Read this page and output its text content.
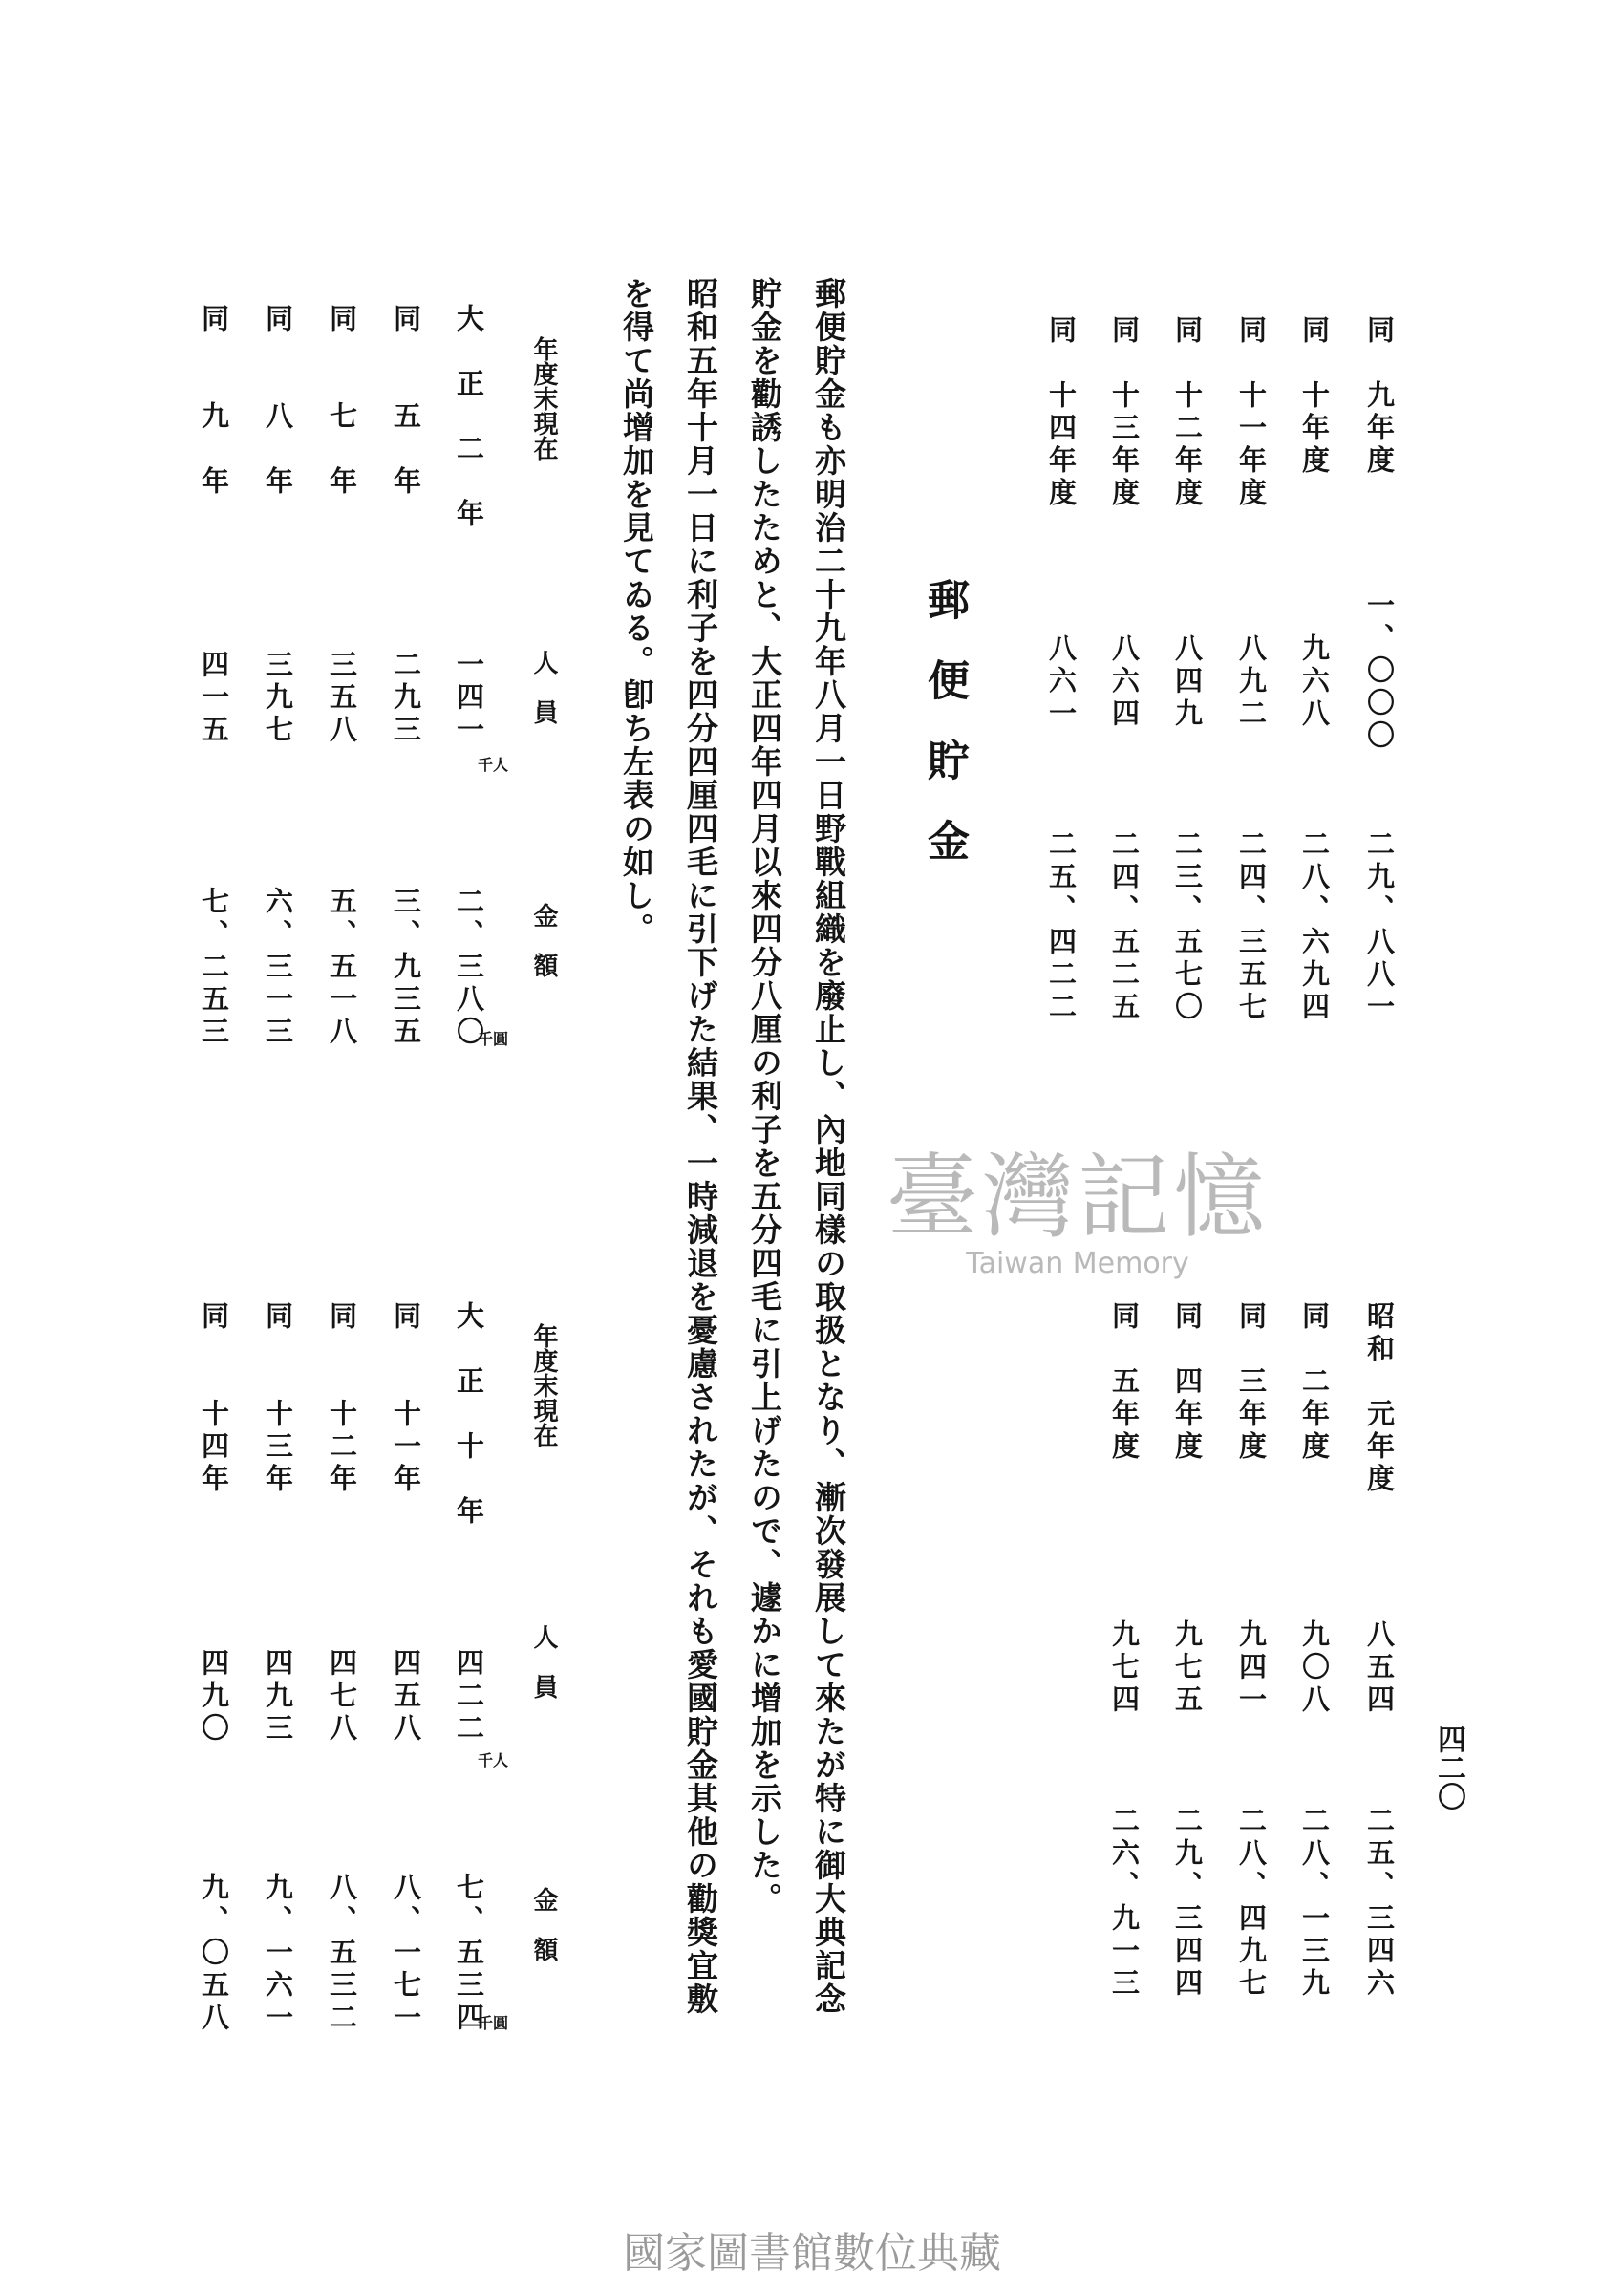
四二〇
同　九年度
一、〇〇〇
二九、八八一
同　十年度
九六八
二八、六九四
同　十一年度
八九二
二四、三五七
同　十二年度
八四九
二三、五七〇
同　十三年度
八六四
二四、五二五
同　十四年度
八六一
二五、四二二
昭和　元年度
八五四
二五、三四六
同　二年度
九〇八
二八、一三九
同　三年度
九四一
二八、四九七
同　四年度
九七五
二九、三四四
同　五年度
九七四
二六、九一三
郵便貯金
郵便貯金も亦明治二十九年八月一日野戰組織を廢止し、內地同樣の取扱となり、漸次發展して來たが特に御大典記念
貯金を勸誘したためと、大正四年四月以來四分八厘の利子を五分四毛に引上げたので、遽かに增加を示した。
昭和五年十月一日に利子を四分四厘四毛に引下げた結果、一時減退を憂慮されたが、それも愛國貯金其他の勸獎宜敷
を得て尚增加を見てゐる。卽ち左表の如し。
年度末現在
人　員
金　額
大　正　二　年
一四一
二、三八〇
千人
千圓
同　　五　年
二九三
三、九三五
同　　七　年
三五八
五、五一八
同　　八　年
三九七
六、三一三
同　　九　年
四一五
七、二五三
年度末現在
人　員
金　額
大　正　十　年
四二二
七、五三四
千人
千圓
同　　十一年
四五八
八、一七一
同　　十二年
四七八
八、五三二
同　　十三年
四九三
九、一六一
同　　十四年
四九〇
九、〇五八
臺灣記憶
Taiwan Memory
國家圖書館數位典藏
